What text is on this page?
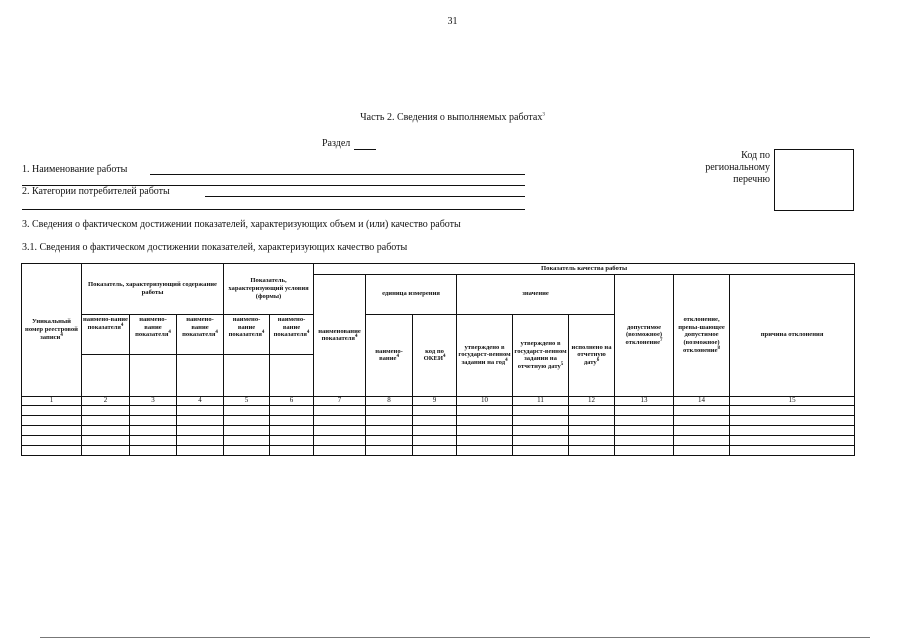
31
Часть 2. Сведения о выполняемых работах$^3$
Раздел
1. Наименование работы
2. Категории потребителей работы
Код по
региональному
перечню
3. Сведения о фактическом достижении показателей, характеризующих объем и (или) качество работы
3.1. Сведения о фактическом достижении показателей, характеризующих качество работы
Уникальный номер реестровой записи$^4$	Показатель, характеризующий содержание работы			Показатель, характеризующий условия (формы)		Показатель качества работы								
						наименование показателя$^4$	единица измерения		значение			допустимое (возможное) отклонение$^7$	отклонение, превы-шающее допустимое (возможное) отклонение$^8$	причина отклонения
	наимено-вание показателя$^4$	наимено-вание показателя$^4$	наимено-вание показателя$^4$	наимено-вание показателя$^4$	наимено-вание показателя$^4$		наимено-вание$^4$	код по ОКЕИ$^4$	утверждено в государст-венном задании на год$^4$	утверждено в государст-венном задании на отчетную дату$^5$	исполнено на отчетную дату$^6$

1	2	3	4	5	6	7	8	9	10	11	12	13	14	15
